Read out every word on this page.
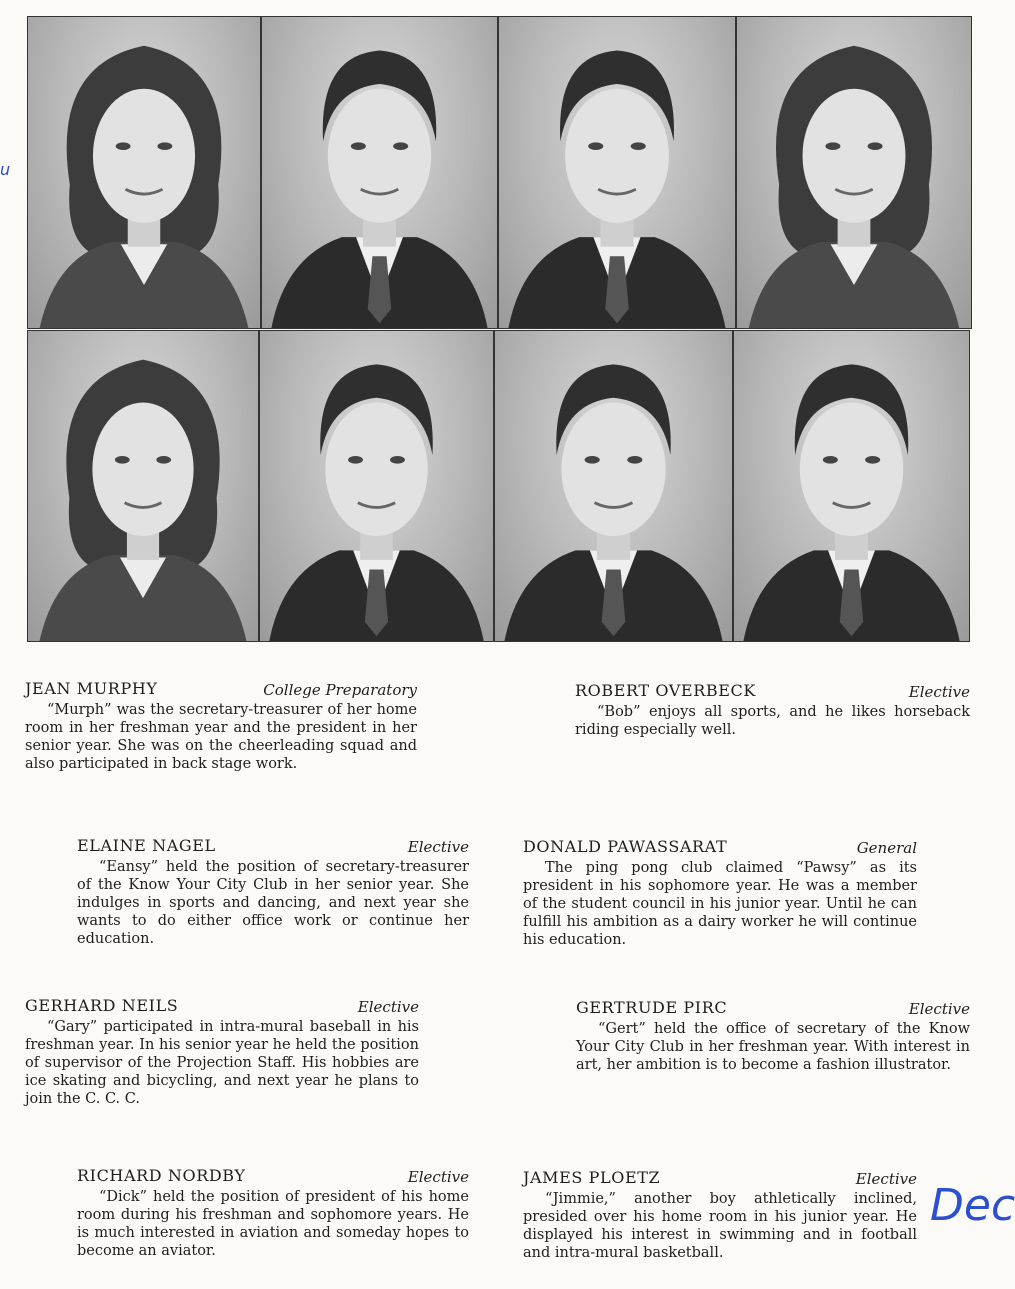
JEAN MURPHY	College Preparatory
“Murph” was the secretary-treasurer of her home room in her freshman year and the president in her senior year. She was on the cheerleading squad and also participated in back stage work.
ROBERT OVERBECK	Elective
“Bob” enjoys all sports, and he likes horseback riding especially well.
ELAINE NAGEL	Elective
“Eansy” held the position of secretary-treasurer of the Know Your City Club in her senior year. She indulges in sports and dancing, and next year she wants to do either office work or continue her education.
DONALD PAWASSARAT	General
The ping pong club claimed “Pawsy” as its president in his sophomore year. He was a member of the student council in his junior year. Until he can fulfill his ambition as a dairy worker he will continue his education.
GERHARD NEILS	Elective
“Gary” participated in intra-mural baseball in his freshman year. In his senior year he held the position of supervisor of the Projection Staff. His hobbies are ice skating and bicycling, and next year he plans to join the C. C. C.
GERTRUDE PIRC	Elective
“Gert” held the office of secretary of the Know Your City Club in her freshman year. With interest in art, her ambition is to become a fashion illustrator.
RICHARD NORDBY	Elective
“Dick” held the position of president of his home room during his freshman and sophomore years. He is much interested in aviation and someday hopes to become an aviator.
JAMES PLOETZ	Elective
“Jimmie,” another boy athletically inclined, presided over his home room in his junior year. He displayed his interest in swimming and in football and intra-mural basketball.
u
Dec
